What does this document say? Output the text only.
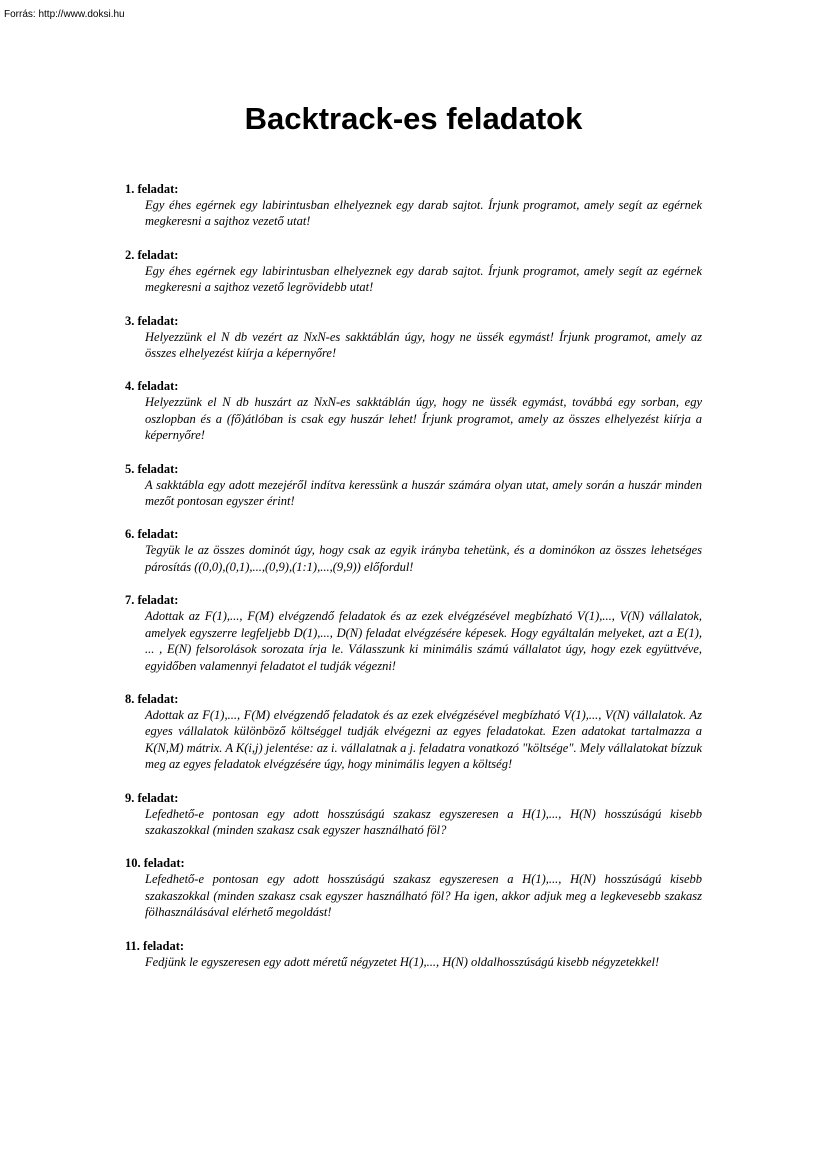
Forrás: http://www.doksi.hu
Backtrack-es feladatok
1. feladat:
Egy éhes egérnek egy labirintusban elhelyeznek egy darab sajtot. Írjunk programot, amely segít az egérnek megkeresni a sajthoz vezető utat!
2. feladat:
Egy éhes egérnek egy labirintusban elhelyeznek egy darab sajtot. Írjunk programot, amely segít az egérnek megkeresni a sajthoz vezető legrövidebb utat!
3. feladat:
Helyezzünk el N db vezért az NxN-es sakktáblán úgy, hogy ne üssék egymást! Írjunk programot, amely az összes elhelyezést kiírja a képernyőre!
4. feladat:
Helyezzünk el N db huszárt az NxN-es sakktáblán úgy, hogy ne üssék egymást, továbbá egy sorban, egy oszlopban és a (fő)átlóban is csak egy huszár lehet! Írjunk programot, amely az összes elhelyezést kiírja a képernyőre!
5. feladat:
A sakktábla egy adott mezejéről indítva keressünk a huszár számára olyan utat, amely során a huszár minden mezőt pontosan egyszer érint!
6. feladat:
Tegyük le az összes dominót úgy, hogy csak az egyik irányba tehetünk, és a dominókon az összes lehetséges párosítás ((0,0),(0,1),...,(0,9),(1:1),...,(9,9)) előfordul!
7. feladat:
Adottak az F(1),..., F(M) elvégzendő feladatok és az ezek elvégzésével megbízható V(1),..., V(N) vállalatok, amelyek egyszerre legfeljebb D(1),..., D(N) feladat elvégzésére képesek. Hogy egyáltalán melyeket, azt a E(1), ... , E(N) felsorolások sorozata írja le. Válasszunk ki minimális számú vállalatot úgy, hogy ezek együttvéve, egyidőben valamennyi feladatot el tudják végezni!
8. feladat:
Adottak az F(1),..., F(M) elvégzendő feladatok és az ezek elvégzésével megbízható V(1),..., V(N) vállalatok. Az egyes vállalatok különböző költséggel tudják elvégezni az egyes feladatokat. Ezen adatokat tartalmazza a K(N,M) mátrix. A K(i,j) jelentése: az i. vállalatnak a j. feladatra vonatkozó "költsége". Mely vállalatokat bízzuk meg az egyes feladatok elvégzésére úgy, hogy minimális legyen a költség!
9. feladat:
Lefedhető-e pontosan egy adott hosszúságú szakasz egyszeresen a H(1),..., H(N) hosszúságú kisebb szakaszokkal (minden szakasz csak egyszer használható föl?
10. feladat:
Lefedhető-e pontosan egy adott hosszúságú szakasz egyszeresen a H(1),..., H(N) hosszúságú kisebb szakaszokkal (minden szakasz csak egyszer használható föl? Ha igen, akkor adjuk meg a legkevesebb szakasz fölhasználásával elérhető megoldást!
11. feladat:
Fedjünk le egyszeresen egy adott méretű négyzetet H(1),..., H(N) oldalhosszúságú kisebb négyzetekkel!
